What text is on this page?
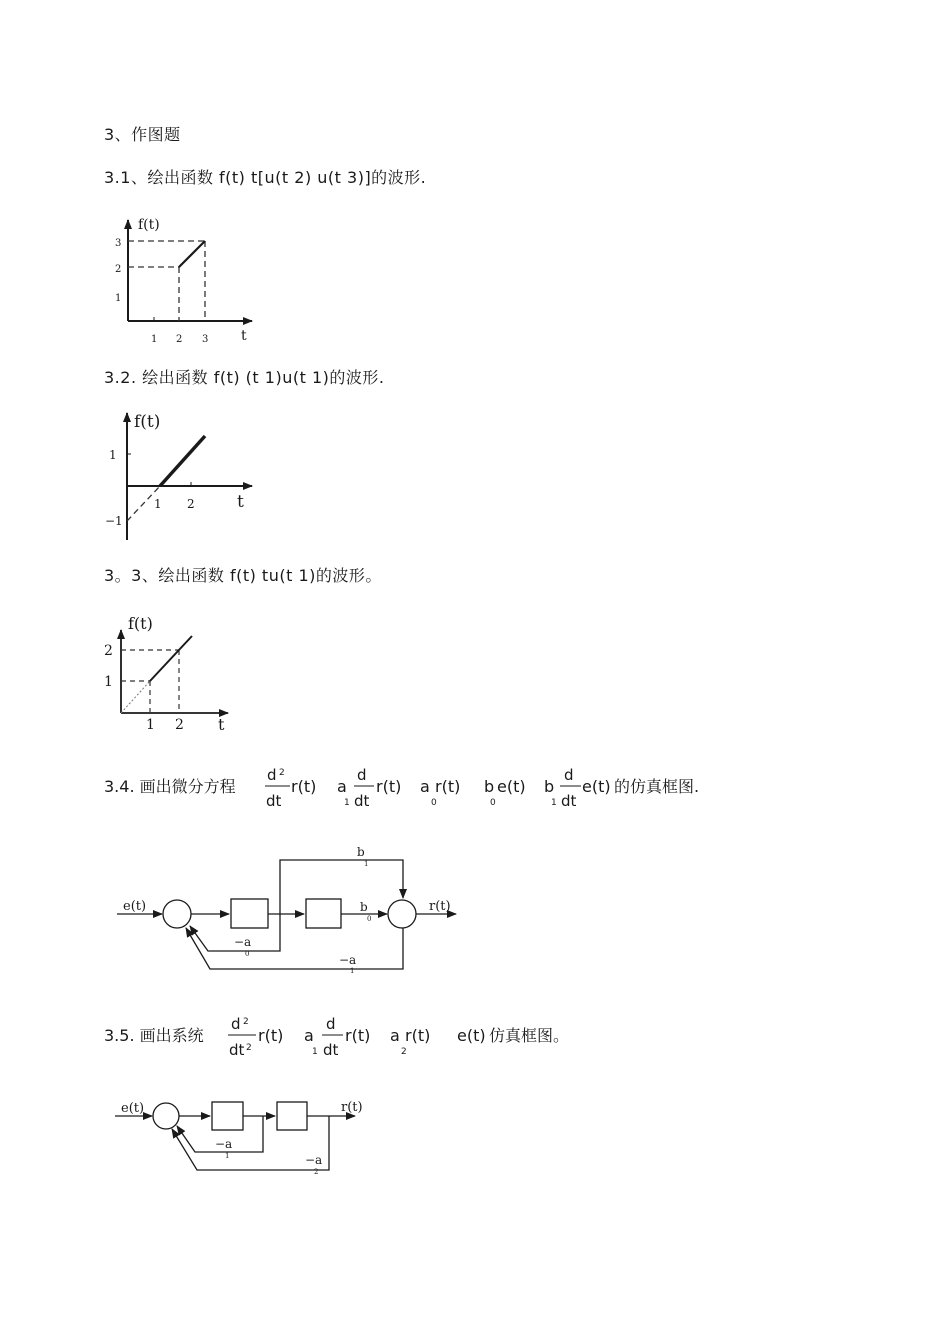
3、作图题
3.1、绘出函数 f(t) t[u(t 2) u(t 3)]的波形.
3.2. 绘出函数 f(t) (t 1)u(t 1)的波形.
3。3、绘出函数 f(t) tu(t 1)的波形。
f(t)
t
3
2
1
1 2 3
f(t)
t
1
−1
1 2
f(t)
t
2
1
1 2
3.4. 画出微分方程
d 2
dt
r(t) a
1
d
dt
r(t) a
0
r(t) b
0
e(t) b
1
d
dt
e(t) 的仿真框图.
e(t)	r(t)
b
1
b
0
−a
0	−a
1
3.5. 画出系统
d 2
dt 2
r(t) a
1
d
dt
r(t) a
2
r(t) e(t) 仿真框图。
e(t)	r(t)
−a
1	−a
2
